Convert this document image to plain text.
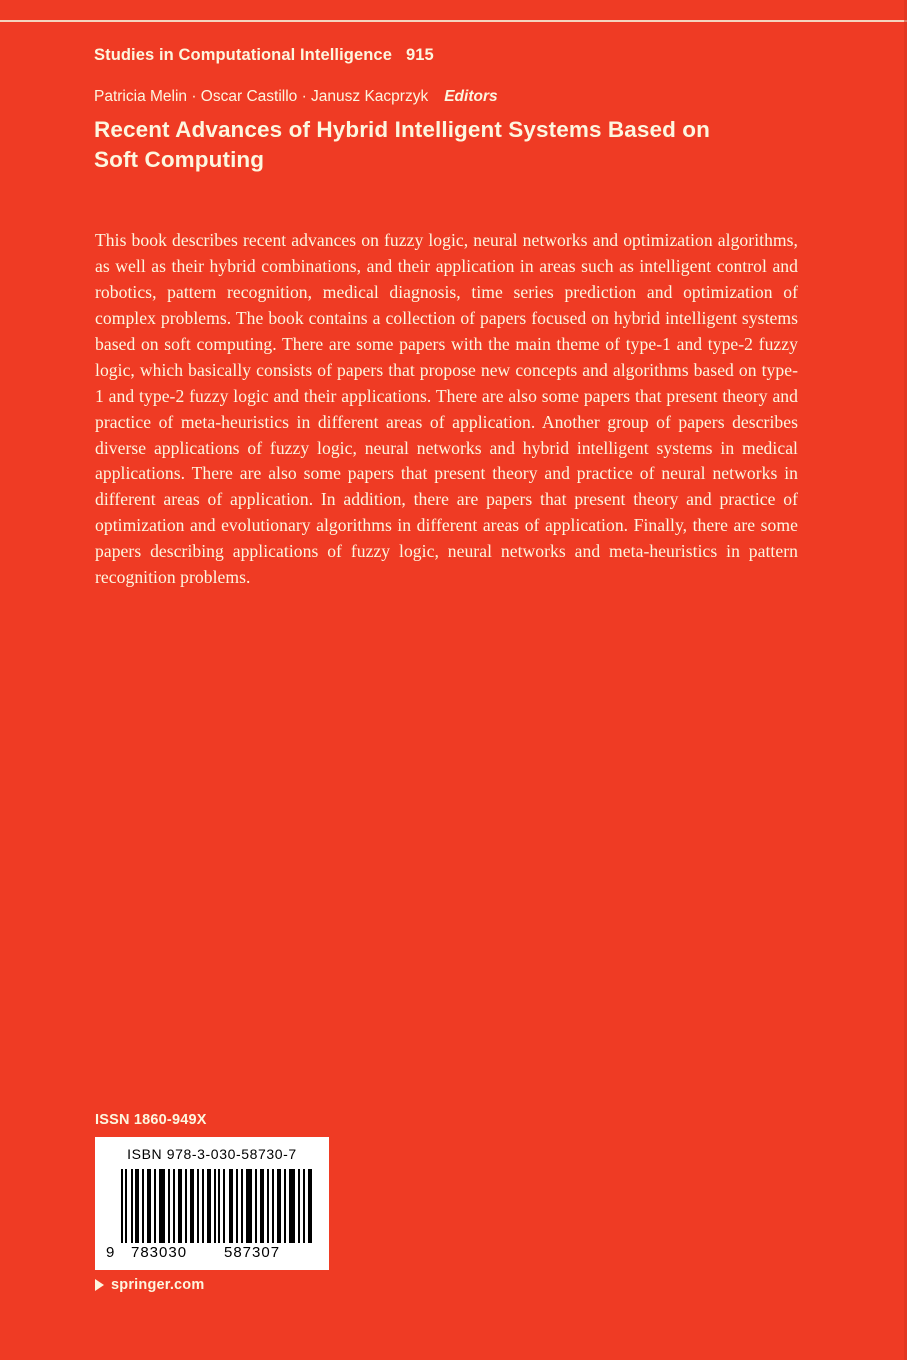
Studies in Computational Intelligence 915
Patricia Melin · Oscar Castillo · Janusz Kacprzyk Editors
Recent Advances of Hybrid Intelligent Systems Based on Soft Computing
This book describes recent advances on fuzzy logic, neural networks and optimization algorithms, as well as their hybrid combinations, and their application in areas such as intelligent control and robotics, pattern recognition, medical diagnosis, time series prediction and optimization of complex problems. The book contains a collection of papers focused on hybrid intelligent systems based on soft computing. There are some papers with the main theme of type-1 and type-2 fuzzy logic, which basically consists of papers that propose new concepts and algorithms based on type-1 and type-2 fuzzy logic and their applications. There are also some papers that present theory and practice of meta-heuristics in different areas of application. Another group of papers describes diverse applications of fuzzy logic, neural networks and hybrid intelligent systems in medical applications. There are also some papers that present theory and practice of neural networks in different areas of application. In addition, there are papers that present theory and practice of optimization and evolutionary algorithms in different areas of application. Finally, there are some papers describing applications of fuzzy logic, neural networks and meta-heuristics in pattern recognition problems.
ISSN 1860-949X
ISBN 978-3-030-58730-7
9 783030 587307
springer.com
